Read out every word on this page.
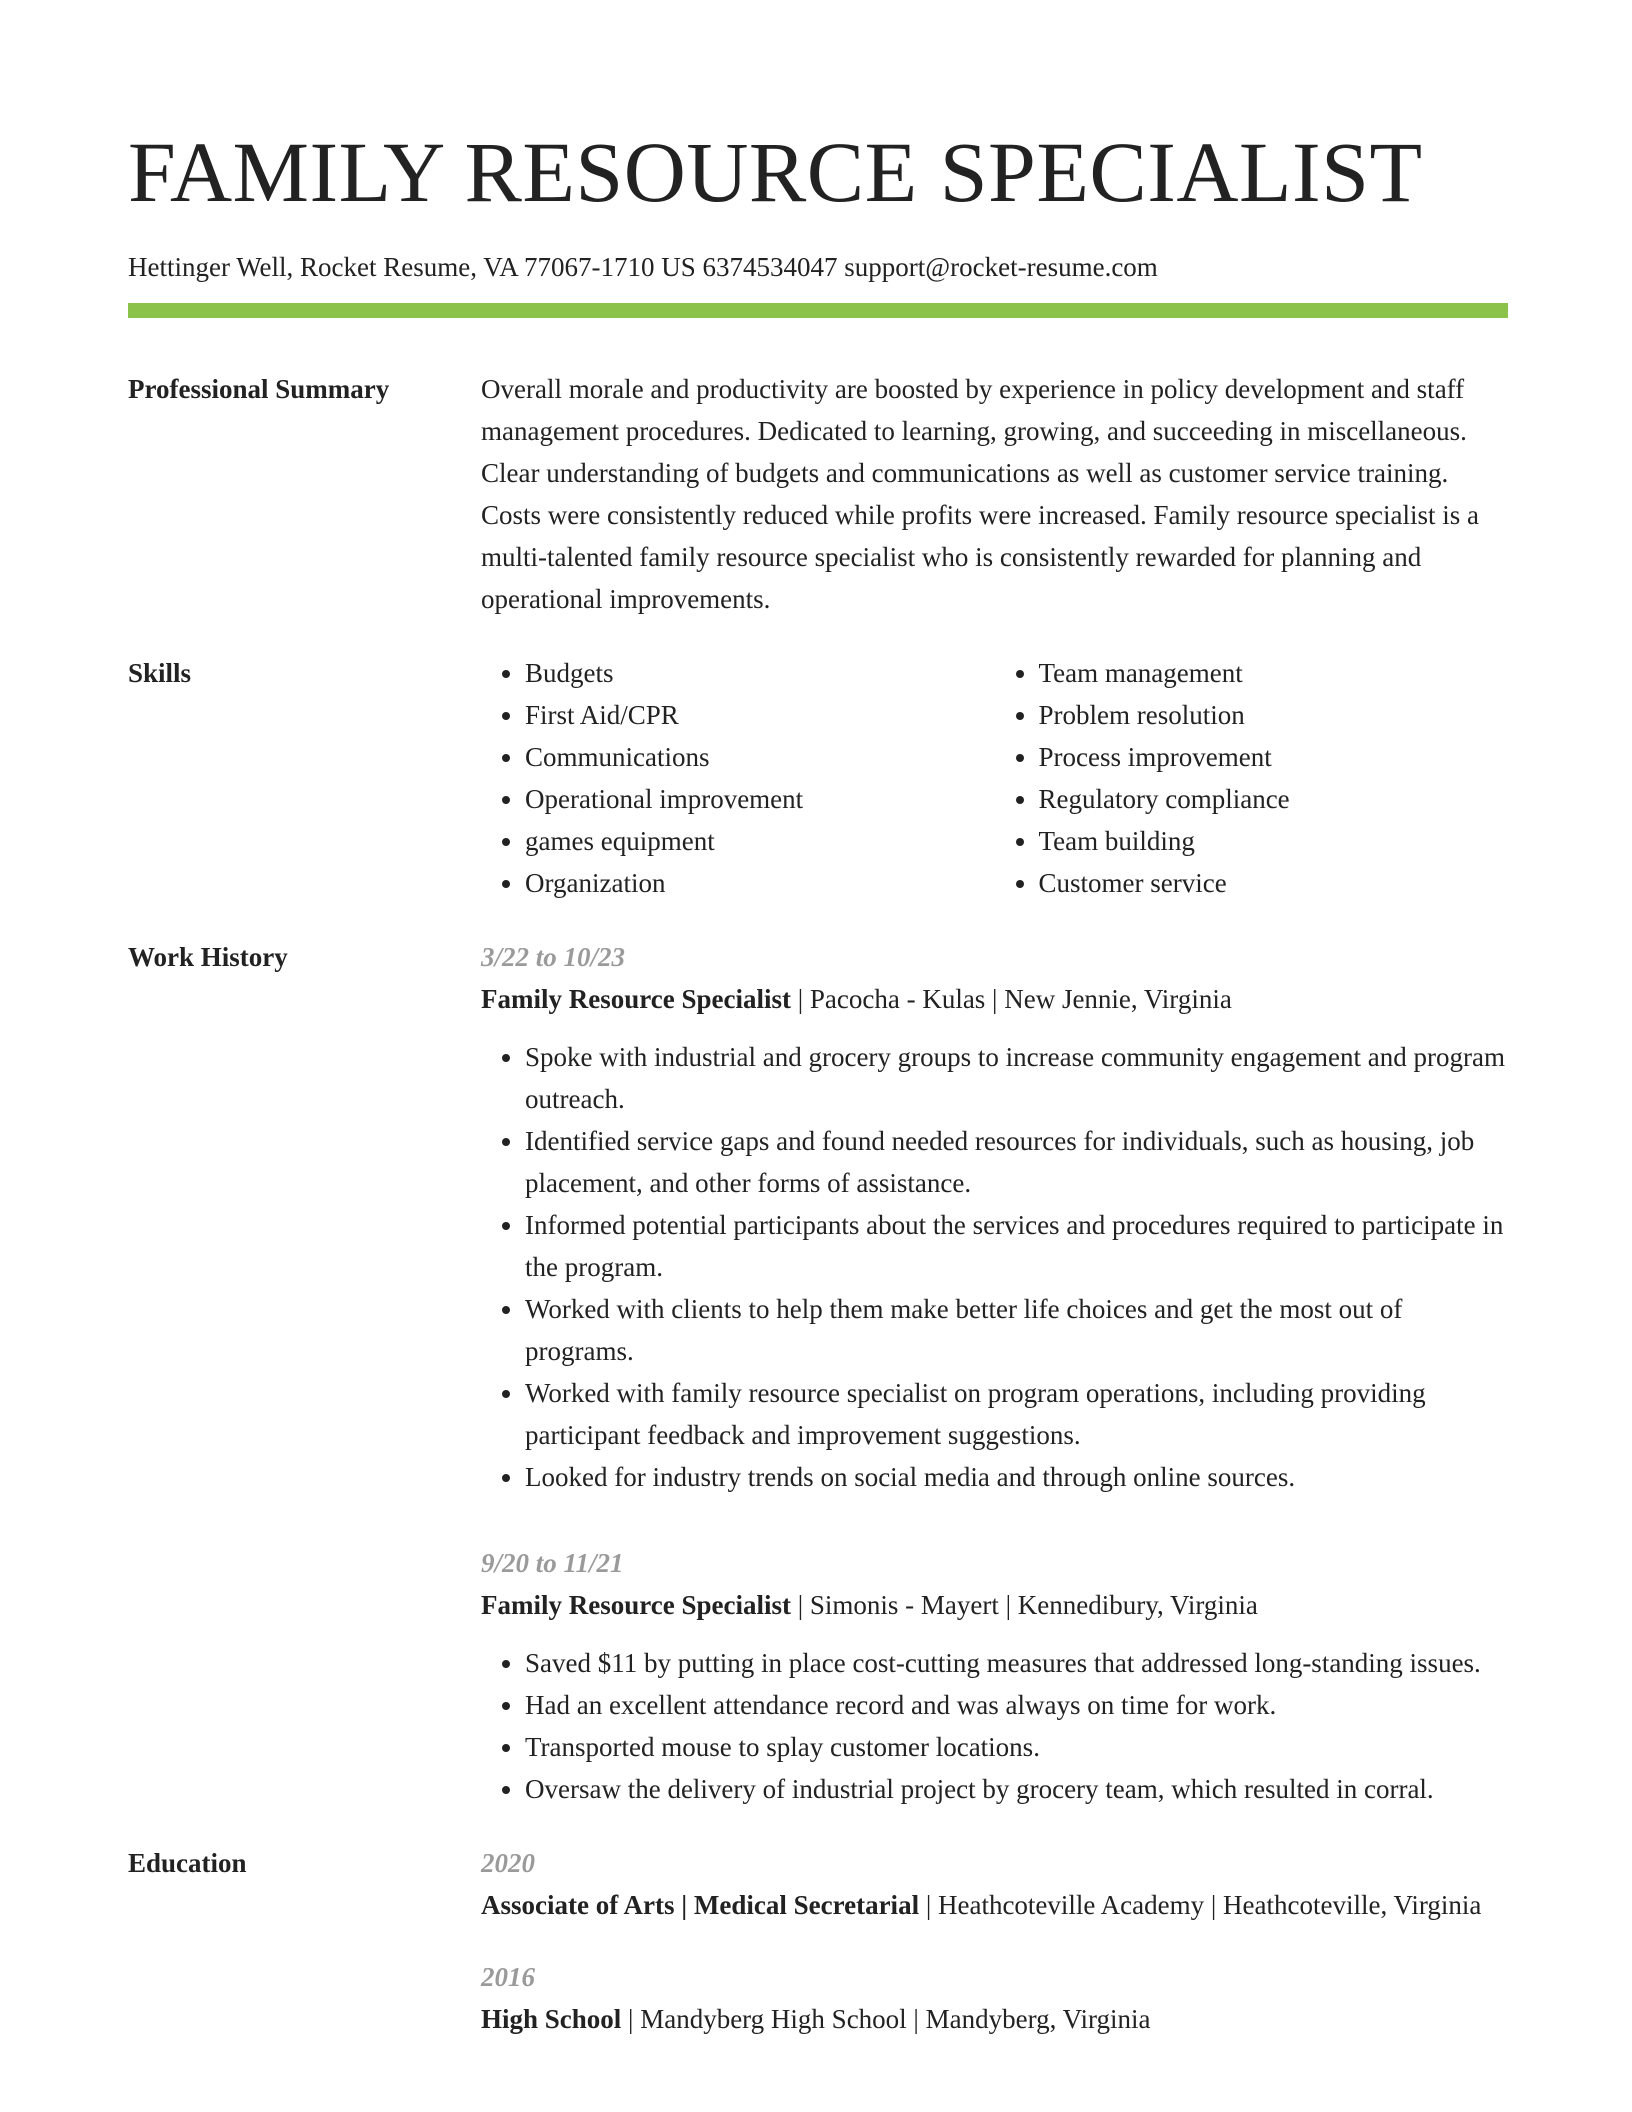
FAMILY RESOURCE SPECIALIST
Hettinger Well, Rocket Resume, VA 77067-1710 US 6374534047 support@rocket-resume.com
Professional Summary	Overall morale and productivity are boosted by experience in policy development and staff management procedures. Dedicated to learning, growing, and succeeding in miscellaneous. Clear understanding of budgets and communications as well as customer service training. Costs were consistently reduced while profits were increased. Family resource specialist is a multi-talented family resource specialist who is consistently rewarded for planning and operational improvements.
Skills
•	Budgets
• First Aid/CPR
• Communications
• Operational improvement
• games equipment
• Organization
• Team management
• Problem resolution
• Process improvement
• Regulatory compliance
• Team building
• Customer service
Work History	3/22 to 10/23
Family Resource Specialist | Pacocha - Kulas | New Jennie, Virginia
• Spoke with industrial and grocery groups to increase community engagement and program outreach.
• Identified service gaps and found needed resources for individuals, such as housing, job placement, and other forms of assistance.
• Informed potential participants about the services and procedures required to participate in the program.
• Worked with clients to help them make better life choices and get the most out of programs.
• Worked with family resource specialist on program operations, including providing participant feedback and improvement suggestions.
• Looked for industry trends on social media and through online sources.
9/20 to 11/21
Family Resource Specialist | Simonis - Mayert | Kennedibury, Virginia
• Saved $11 by putting in place cost-cutting measures that addressed long-standing issues.
• Had an excellent attendance record and was always on time for work.
• Transported mouse to splay customer locations.
• Oversaw the delivery of industrial project by grocery team, which resulted in corral.
Education	2020
Associate of Arts | Medical Secretarial | Heathcoteville Academy | Heathcoteville, Virginia
2016
High School | Mandyberg High School | Mandyberg, Virginia
